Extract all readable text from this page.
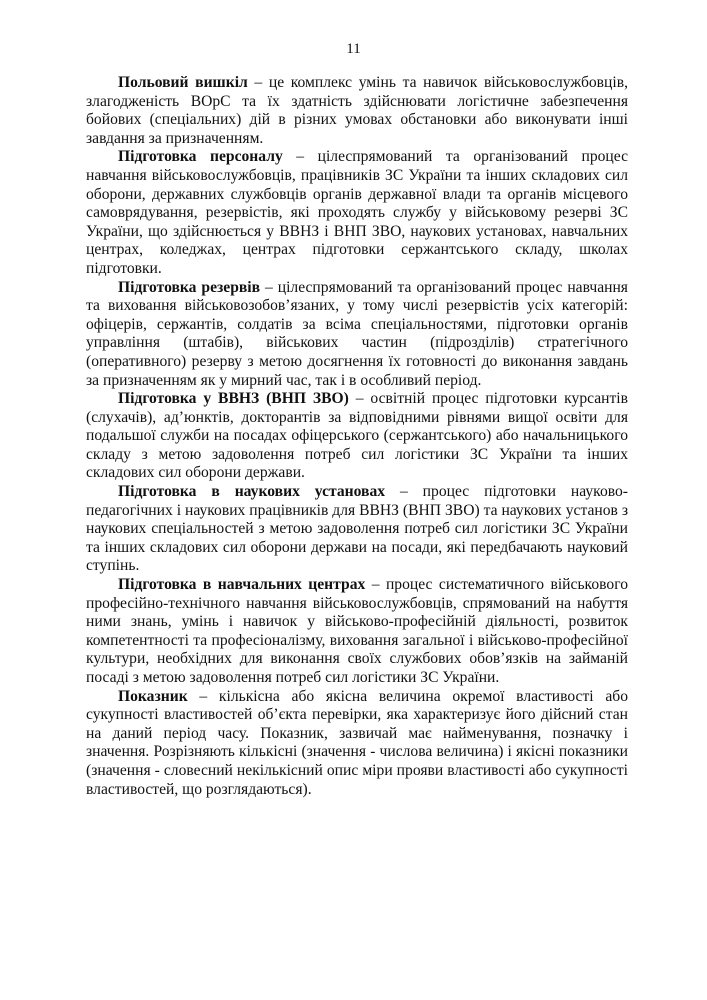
11

Польовий вишкіл – це комплекс умінь та навичок військовослужбовців, злагодженість ВОрС та їх здатність здійснювати логістичне забезпечення бойових (спеціальних) дій в різних умовах обстановки або виконувати інші завдання за призначенням.

Підготовка персоналу – цілеспрямований та організований процес навчання військовослужбовців, працівників ЗС України та інших складових сил оборони, державних службовців органів державної влади та органів місцевого самоврядування, резервістів, які проходять службу у військовому резерві ЗС України, що здійснюється у ВВНЗ і ВНП ЗВО, наукових установах, навчальних центрах, коледжах, центрах підготовки сержантського складу, школах підготовки.

Підготовка резервів – цілеспрямований та організований процес навчання та виховання військовозобов’язаних, у тому числі резервістів усіх категорій: офіцерів, сержантів, солдатів за всіма спеціальностями, підготовки органів управління (штабів), військових частин (підрозділів) стратегічного (оперативного) резерву з метою досягнення їх готовності до виконання завдань за призначенням як у мирний час, так і в особливий період.

Підготовка у ВВНЗ (ВНП ЗВО) – освітній процес підготовки курсантів (слухачів), ад’юнктів, докторантів за відповідними рівнями вищої освіти для подальшої служби на посадах офіцерського (сержантського) або начальницького складу з метою задоволення потреб сил логістики ЗС України та інших складових сил оборони держави.

Підготовка в наукових установах – процес підготовки науково-педагогічних і наукових працівників для ВВНЗ (ВНП ЗВО) та наукових установ з наукових спеціальностей з метою задоволення потреб сил логістики ЗС України та інших складових сил оборони держави на посади, які передбачають науковий ступінь.

Підготовка в навчальних центрах – процес систематичного військового професійно-технічного навчання військовослужбовців, спрямований на набуття ними знань, умінь і навичок у військово-професійній діяльності, розвиток компетентності та професіоналізму, виховання загальної і військово-професійної культури, необхідних для виконання своїх службових обов’язків на займаній посаді з метою задоволення потреб сил логістики ЗС України.

Показник – кількісна або якісна величина окремої властивості або сукупності властивостей об’єкта перевірки, яка характеризує його дійсний стан на даний період часу. Показник, зазвичай має найменування, позначку і значення. Розрізняють кількісні (значення - числова величина) і якісні показники (значення - словесний некількісний опис міри прояви властивості або сукупності властивостей, що розглядаються).
